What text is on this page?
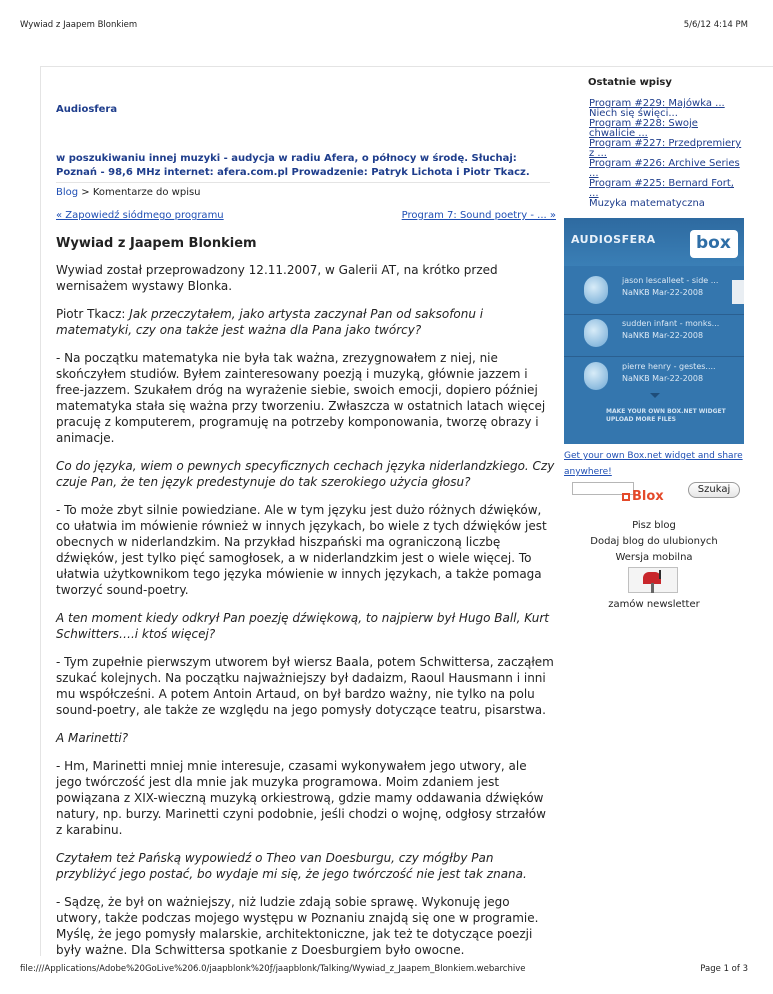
Wywiad z Jaapem Blonkiem	5/6/12 4:14 PM
Audiosfera
w poszukiwaniu innej muzyki - audycja w radiu Afera, o północy w środę. Słuchaj: Poznań - 98,6 MHz internet: afera.com.pl Prowadzenie: Patryk Lichota i Piotr Tkacz.
Blog > Komentarze do wpisu
« Zapowiedź siódmego programu	Program 7: Sound poetry - ... »
Wywiad z Jaapem Blonkiem

Wywiad został przeprowadzony 12.11.2007, w Galerii AT, na krótko przed wernisażem wystawy Blonka.

Piotr Tkacz: Jak przeczytałem, jako artysta zaczynał Pan od saksofonu i matematyki, czy ona także jest ważna dla Pana jako twórcy?

- Na początku matematyka nie była tak ważna, zrezygnowałem z niej, nie skończyłem studiów. Byłem zainteresowany poezją i muzyką, głównie jazzem i free-jazzem. Szukałem dróg na wyrażenie siebie, swoich emocji, dopiero później matematyka stała się ważna przy tworzeniu. Zwłaszcza w ostatnich latach więcej pracuję z komputerem, programuję na potrzeby komponowania, tworzę obrazy i animacje.

Co do języka, wiem o pewnych specyficznych cechach języka niderlandzkiego. Czy czuje Pan, że ten język predestynuje do tak szerokiego użycia głosu?

- To może zbyt silnie powiedziane. Ale w tym języku jest dużo różnych dźwięków, co ułatwia im mówienie również w innych językach, bo wiele z tych dźwięków jest obecnych w niderlandzkim. Na przykład hiszpański ma ograniczoną liczbę dźwięków, jest tylko pięć samogłosek, a w niderlandzkim jest o wiele więcej. To ułatwia użytkownikom tego języka mówienie w innych językach, a także pomaga tworzyć sound-poetry.

A ten moment kiedy odkrył Pan poezję dźwiękową, to najpierw był Hugo Ball, Kurt Schwitters….i ktoś więcej?

- Tym zupełnie pierwszym utworem był wiersz Baala, potem Schwittersa, zacząłem szukać kolejnych. Na początku najważniejszy był dadaizm, Raoul Hausmann i inni mu współcześni. A potem Antoin Artaud, on był bardzo ważny, nie tylko na polu sound-poetry, ale także ze względu na jego pomysły dotyczące teatru, pisarstwa.

A Marinetti?

- Hm, Marinetti mniej mnie interesuje, czasami wykonywałem jego utwory, ale jego twórczość jest dla mnie jak muzyka programowa. Moim zdaniem jest powiązana z XIX-wieczną muzyką orkiestrową, gdzie mamy oddawania dźwięków natury, np. burzy. Marinetti czyni podobnie, jeśli chodzi o wojnę, odgłosy strzałów z karabinu.

Czytałem też Pańską wypowiedź o Theo van Doesburgu, czy mógłby Pan przybliżyć jego postać, bo wydaje mi się, że jego twórczość nie jest tak znana.

- Sądzę, że był on ważniejszy, niż ludzie zdają sobie sprawę. Wykonuję jego utwory, także podczas mojego występu w Poznaniu znajdą się one w programie. Myślę, że jego pomysły malarskie, architektoniczne, jak też te dotyczące poezji były ważne. Dla Schwittersa spotkanie z Doesburgiem było owocne.

Ostatnie wpisy
Program #229: Majówka ...
Niech się święci...
Program #228: Swoje chwalicie ...
Program #227: Przedpremiery z ...
Program #226: Archive Series ...
Program #225: Bernard Fort, ...
Muzyka matematyczna
AUDIOSFERA box
jason lescalleet - side ...
NaNKB Mar-22-2008
sudden infant - monks...
NaNKB Mar-22-2008
pierre henry - gestes....
NaNKB Mar-22-2008
MAKE YOUR OWN BOX.NET WIDGET
UPLOAD MORE FILES
Get your own Box.net widget and share anywhere!
Blox	Szukaj
Pisz blog
Dodaj blog do ulubionych
Wersja mobilna
zamów newsletter
file:///Applications/Adobe%20GoLive%206.0/jaapblonk%20ƒ/jaapblonk/Talking/Wywiad_z_Jaapem_Blonkiem.webarchive	Page 1 of 3
